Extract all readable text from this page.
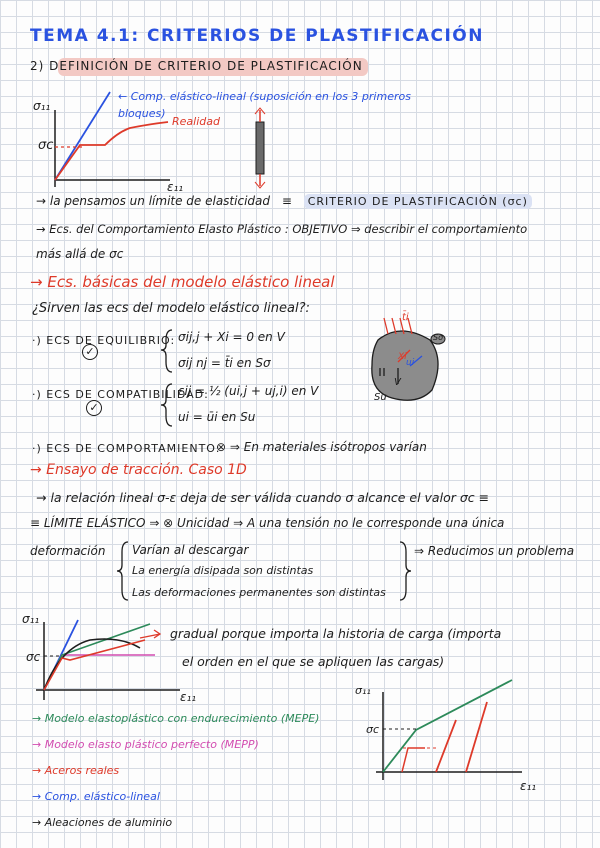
TEMA 4.1: CRITERIOS DE PLASTIFICACIÓN
2) DEFINICIÓN DE CRITERIO DE PLASTIFICACIÓN
σ₁₁
σc
ε₁₁
← Comp. elástico-lineal (suposición en los 3 primeros bloques)
Realidad
→ la pensamos un límite de elasticidad ≡ CRITERIO DE PLASTIFICACIÓN (σc)
→ Ecs. del Comportamiento Elasto Plástico : OBJETIVO ⇒ describir el comportamiento
más allá de σc
→ Ecs. básicas del modelo elástico lineal
¿Sirven las ecs del modelo elástico lineal?:
·) ECS DE EQUILIBRIO: σij,j + Xi = 0 en V
σij nj = t̄i en Sσ
✓
·) ECS DE COMPATIBILIDAD:
εij = ½ (ui,j + uj,i) en V
ui = ūi en Su
✓
·) ECS DE COMPORTAMIENTO:
⊗ ⇒ En materiales isótropos varían
t̄i
Sσ
Xi
ui
V
Su
→ Ensayo de tracción. Caso 1D
→ la relación lineal σ-ε deja de ser válida cuando σ alcance el valor σc ≡
≡ LÍMITE ELÁSTICO ⇒ ⊗ Unicidad ⇒ A una tensión no le corresponde una única
deformación Varían al descargar
La energía disipada son distintas
Las deformaciones permanentes son distintas
⇒ Reducimos un problema
σ₁₁
σc
ε₁₁
gradual porque importa la historia de carga (importa
el orden en el que se apliquen las cargas)
→ Modelo elastoplástico con endurecimiento (MEPE)
→ Modelo elasto plástico perfecto (MEPP)
→ Aceros reales
→ Comp. elástico-lineal
→ Aleaciones de aluminio
σ₁₁
σc
ε₁₁
